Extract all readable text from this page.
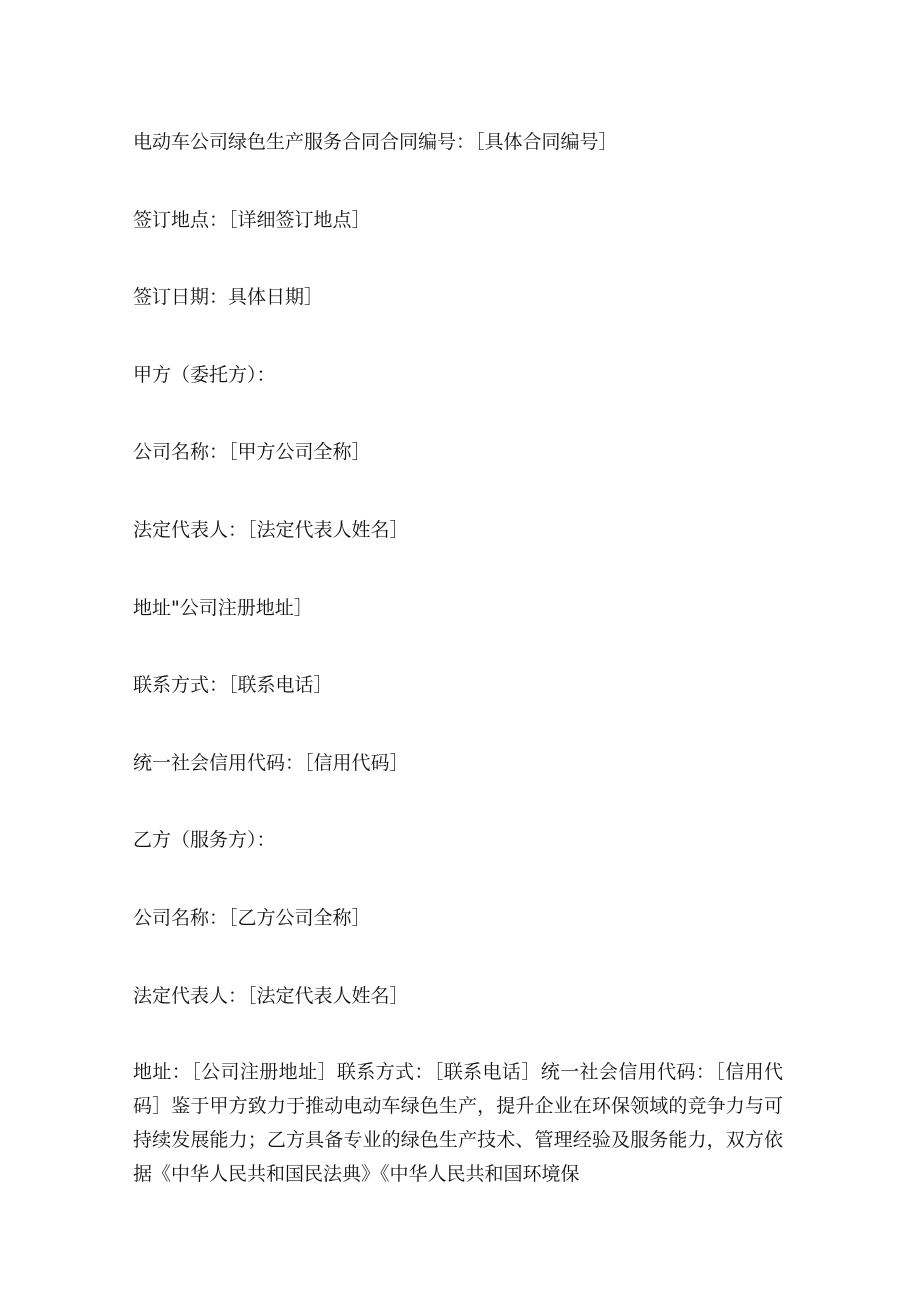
电动车公司绿色生产服务合同合同编号：［具体合同编号］

签订地点：［详细签订地点］

签订日期：具体日期］

甲方（委托方）：

公司名称：［甲方公司全称］

法定代表人：［法定代表人姓名］

地址"公司注册地址］

联系方式：［联系电话］

统一社会信用代码：［信用代码］

乙方（服务方）：

公司名称：［乙方公司全称］

法定代表人：［法定代表人姓名］

地址：［公司注册地址］联系方式：［联系电话］统一社会信用代码：［信用代码］鉴于甲方致力于推动电动车绿色生产，提升企业在环保领域的竞争力与可持续发展能力；乙方具备专业的绿色生产技术、管理经验及服务能力，双方依据《中华人民共和国民法典》《中华人民共和国环境保
